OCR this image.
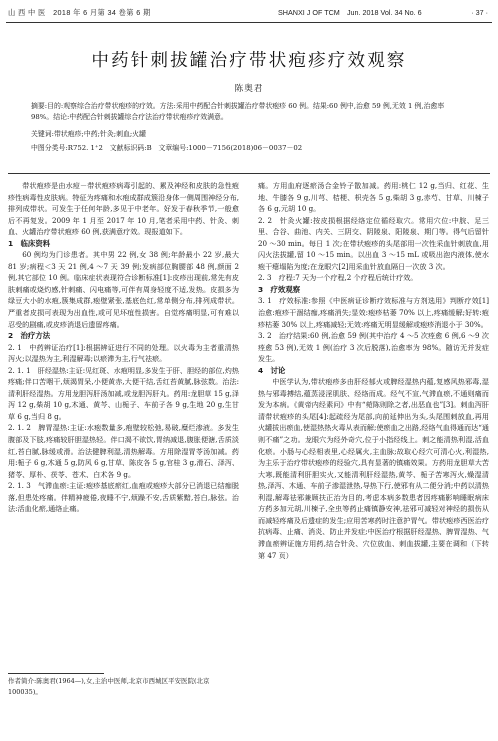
山 西 中 医　2018 年 6 月第 34 卷第 6 期	SHANXI J OF TCM　Jun. 2018 Vol. 34 No. 6	· 37 ·
中药针刺拔罐治疗带状疱疹疗效观察
陈奥君
摘要:目的:观察综合治疗带状疱疹的疗效。方法:采用中药配合针刺拔罐治疗带状疱疹 60 例。结果:60 例中,治愈 59 例,无效 1 例,治愈率 98%。结论:中药配合针刺拔罐综合疗法治疗带状疱疹疗效满意。
关键词:带状疱疹;中药;针灸;刺血;火罐
中图分类号:R752. 1⁺2　文献标识码:B　文章编号:1000－7156(2018)06－0037－02

带状疱疹是由水痘－带状疱疹病毒引起的、累及神经和皮肤的急性疱疹性病毒性皮肤病。特征为疼痛和水疱成群成簇沿身体一侧周围神经分布,排列成带状。可发生于任何年龄,多见于中老年。好发于春秋季节,一般愈后不再复发。2009 年 1 月至 2017 年 10 月,笔者采用中药、针灸、刺血、火罐治疗带状疱疹 60 例,获满意疗效。现报道如下。

1　临床资料

60 例均为门诊患者。其中男 22 例,女 38 例;年龄最小 22 岁,最大 81 岁;病程＜3 天 21 例,4 ～7 天 39 例;发病部位胸腰部 48 例,颜面 2 例,其它部位 10 例。临床症状表现符合诊断标准[1]:皮疹出现前,常先有皮肤刺痛或烧灼感,针刺痛、闪电痛等,可伴有周身轻度不适,发热。皮损多为绿豆大小的水疱,簇集成群,疱壁紧张,基底色红,常单侧分布,排列成带状。严重者皮损可表现为出血性,或可见坏疽性损害。自觉疼痛明显,可有难以忍受的剧痛,或皮疹消退后遗留疼痛。

2　治疗方法

2. 1　中药辨证治疗[1]:根据辨证进行不同的处理。以火毒为主者重清热泻火;以湿热为主,利湿解毒;以瘀滞为主,行气祛瘀。

2. 1. 1　肝经湿热:主证:见红斑、水疱明显,多发生于肝、胆经的部位,灼热疼痛;伴口苦咽干,烦渴胃呆,小便黄赤,大便干结,舌红苔黄腻,脉弦数。治法:清利肝经湿热。方用龙胆泻肝汤加减,或龙胆泻肝丸。药用:龙胆草 15 g,泽泻 12 g,柴胡 10 g,木通、黄芩、山栀子、车前子各 9 g,生地 20 g,生甘草 6 g,当归 8 g。

2. 1. 2　脾胃湿热:主证:水疱数量多,疱壁较松弛,易破,糜烂渗液。多发生腹部及下肢,疼痛较肝胆湿热轻。伴口渴不欲饮,胃纳减退,腹胀便溏,舌质淡红,苔白腻,脉缓或滑。治法健脾利湿,清热解毒。方用除湿胃苓汤加减。药用:栀子 6 g,木通 5 g,防风 6 g,甘草、陈皮各 5 g,官桂 3 g,滑石、泽泻、猪苓、厚朴、茯苓、苍术、白术各 9 g。

2. 1. 3　气滞血瘀:主证:疱疹基底瘀红,血疱或疱疹大部分已消退已结痂脱落,但患处疼痛。伴精神疲倦,夜睡不宁,烦躁不安,舌质紫黯,苔白,脉弦。治法:活血化瘀,通络止痛。

痛。方用血府逐瘀汤合金铃子散加减。药用:桃仁 12 g,当归、红花、生地、牛膝各 9 g,川芎、桔梗、枳壳各 5 g,柴胡 3 g,赤芍、甘草、川楝子各 6 g,元胡 10 g。

2. 2　针灸火罐:按皮损根据经络定位循经取穴。常用穴位:中脘、足三里、合谷、曲池、内关、三阴交、阴陵泉、阳陵泉、期门等。得气后留针 20 ～30 min。每日 1 次;在带状疱疹的头尾部用一次性采血针刺放血,用闪火法拔罐,留 10 ～15 min。以出血 3 ～15 mL 或吸出泡内液体,使水疱干瘪塌陷为度;在龙眼穴[2]用采血针放血隔日一次放 3 次。

2. 3　疗程:7 天为一个疗程,2 个疗程后统计疗效。

3　疗效观察

3. 1　疗效标准:参照《中医病证诊断疗效标准与方剂选用》判断疗效[1]治愈:疱疹干涸结痂,疼痛消失;显效:疱疹枯萎 70% 以上,疼痛缓解;好转:疱疹枯萎 30% 以上,疼痛减轻;无效:疼痛无明显缓解或疱疹消退小于 30%。

3. 2　治疗结果:60 例,治愈 59 例(其中治疗 4 ～5 次痊愈 6 例,6 ～9 次痊愈 53 例),无效 1 例(治疗 3 次后脱落),治愈率为 98%。随访无并发症发生。

4　讨论

中医学认为,带状疱疹多由肝经郁火或脾经湿热内蕴,复感风热邪毒,湿热与邪毒搏结,蕴蒸浸淫肌肤、经络而成。经气不宣,气滞血瘀,不通则痛而发为本病。《黄帝内经素问》中有“菀陈则除之者,出恶血也”[3]。刺血泻肝清带状疱疹的头尾[4]:起疏经为尾部,向前延伸出为头,头尾围刺放血,再用火罐拔出瘀血,使湿热热火毒从表而解;使瘀血之出路,经络气血得通而达“通则不痛”之功。龙眼穴为经外奇穴,位于小指经线上。刺之能清热利湿,活血化瘀。小肠与心经相表里,心经属火,主血脉;故取心经穴可清心火,利湿热,为主乐于治疗带状疱疹的经验穴,具有显著的镇痛效果。方药用龙胆草大苦大寒,既能清利肝胆实火,又能清利肝经湿热,黄芩、栀子苦寒泻火,燥湿清热,泽泻、木通、车前子渗湿泄热,导热下行,使邪有从二便分消;中药以清热利湿,解毒祛邪兼顾扶正治为目的,考虑本病多数患者因疼痛影响睡眠病床方药多加元胡,川楝子,全虫等药止痛镇静安神,祛邪可减轻对神经的损伤从而减轻疼痛及后遗症的发生;应用苦寒药时注意护胃气。带状疱疹西医治疗抗病毒、止痛、消炎、防止并发症;中医治疗根据肝经湿热、脾胃湿热、气滞血瘀辨证施方用药,结合针灸、穴位放血、刺血拔罐,主要在调和（下转第 47 页）

作者简介:陈奥君(1964—),女,主治中医师,北京市西城区平安医院(北京　100035)。
